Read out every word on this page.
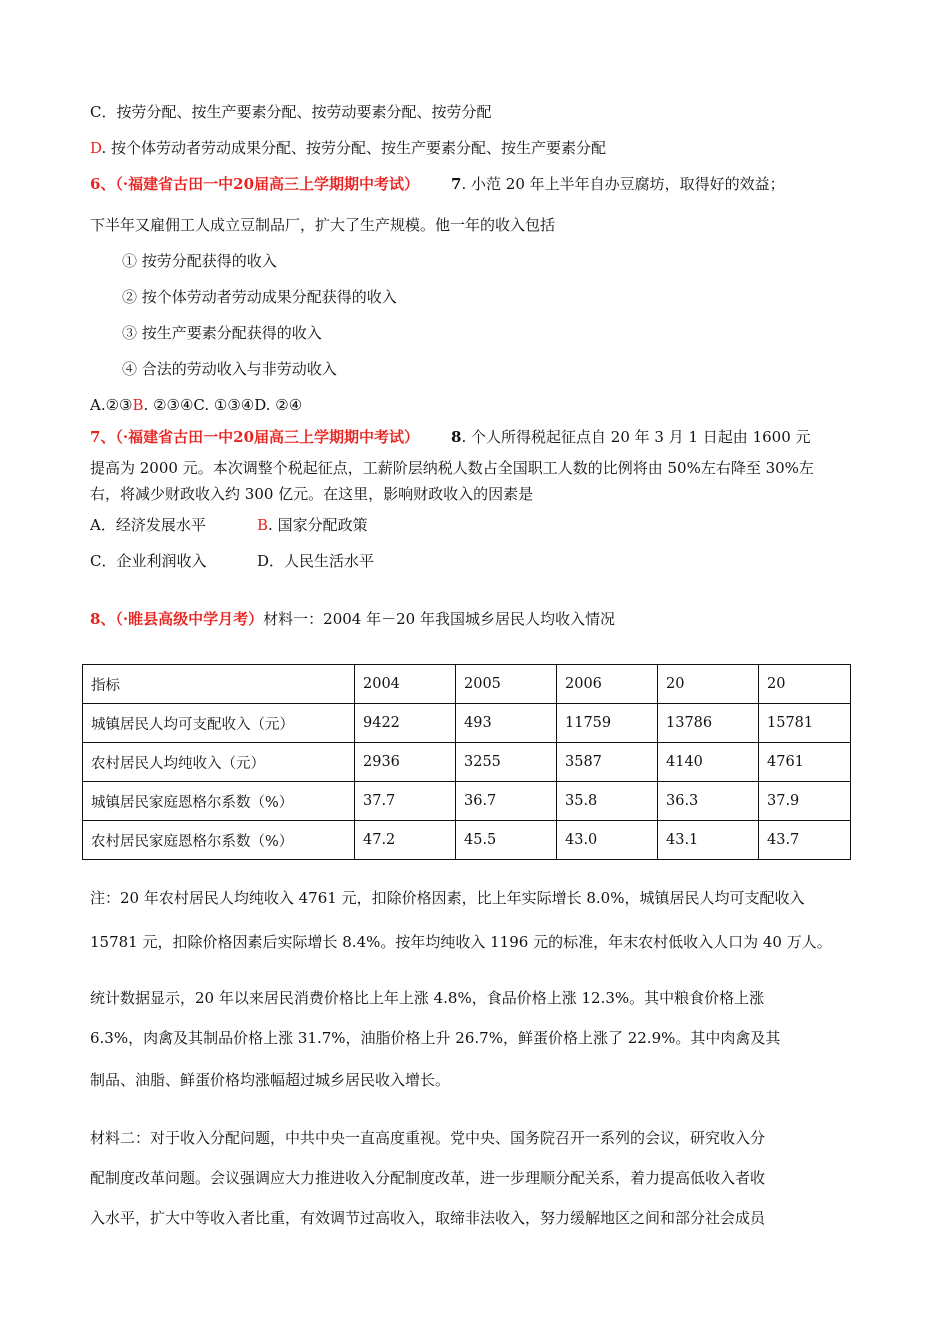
C．按劳分配、按生产要素分配、按劳动要素分配、按劳分配
D. 按个体劳动者劳动成果分配、按劳分配、按生产要素分配、按生产要素分配
6、（·福建省古田一中20届高三上学期期中考试） 7. 小范 20 年上半年自办豆腐坊，取得好的效益；
下半年又雇佣工人成立豆制品厂，扩大了生产规模。他一年的收入包括
① 按劳分配获得的收入
② 按个体劳动者劳动成果分配获得的收入
③ 按生产要素分配获得的收入
④ 合法的劳动收入与非劳动收入
A.②③B. ②③④C. ①③④D. ②④
7、（·福建省古田一中20届高三上学期期中考试） 8. 个人所得税起征点自 20 年 3 月 1 日起由 1600 元
提高为 2000 元。本次调整个税起征点，工薪阶层纳税人数占全国职工人数的比例将由 50%左右降至 30%左
右，将减少财政收入约 300 亿元。在这里，影响财政收入的因素是
A．经济发展水平	B. 国家分配政策
C．企业利润收入	D．人民生活水平
8、（·睢县高级中学月考）材料一：2004 年－20 年我国城乡居民人均收入情况
指标	2004	2005	2006	20	20
城镇居民人均可支配收入（元）	9422	493	11759	13786	15781
农村居民人均纯收入（元）	2936	3255	3587	4140	4761
城镇居民家庭恩格尔系数（%）	37.7	36.7	35.8	36.3	37.9
农村居民家庭恩格尔系数（%）	47.2	45.5	43.0	43.1	43.7
注：20 年农村居民人均纯收入 4761 元，扣除价格因素，比上年实际增长 8.0%，城镇居民人均可支配收入
15781 元，扣除价格因素后实际增长 8.4%。按年均纯收入 1196 元的标准，年末农村低收入人口为 40 万人。
统计数据显示，20 年以来居民消费价格比上年上涨 4.8%，食品价格上涨 12.3%。其中粮食价格上涨
6.3%，肉禽及其制品价格上涨 31.7%，油脂价格上升 26.7%，鲜蛋价格上涨了 22.9%。其中肉禽及其
制品、油脂、鲜蛋价格均涨幅超过城乡居民收入增长。
材料二：对于收入分配问题，中共中央一直高度重视。党中央、国务院召开一系列的会议，研究收入分
配制度改革问题。会议强调应大力推进收入分配制度改革，进一步理顺分配关系，着力提高低收入者收
入水平，扩大中等收入者比重，有效调节过高收入，取缔非法收入，努力缓解地区之间和部分社会成员
